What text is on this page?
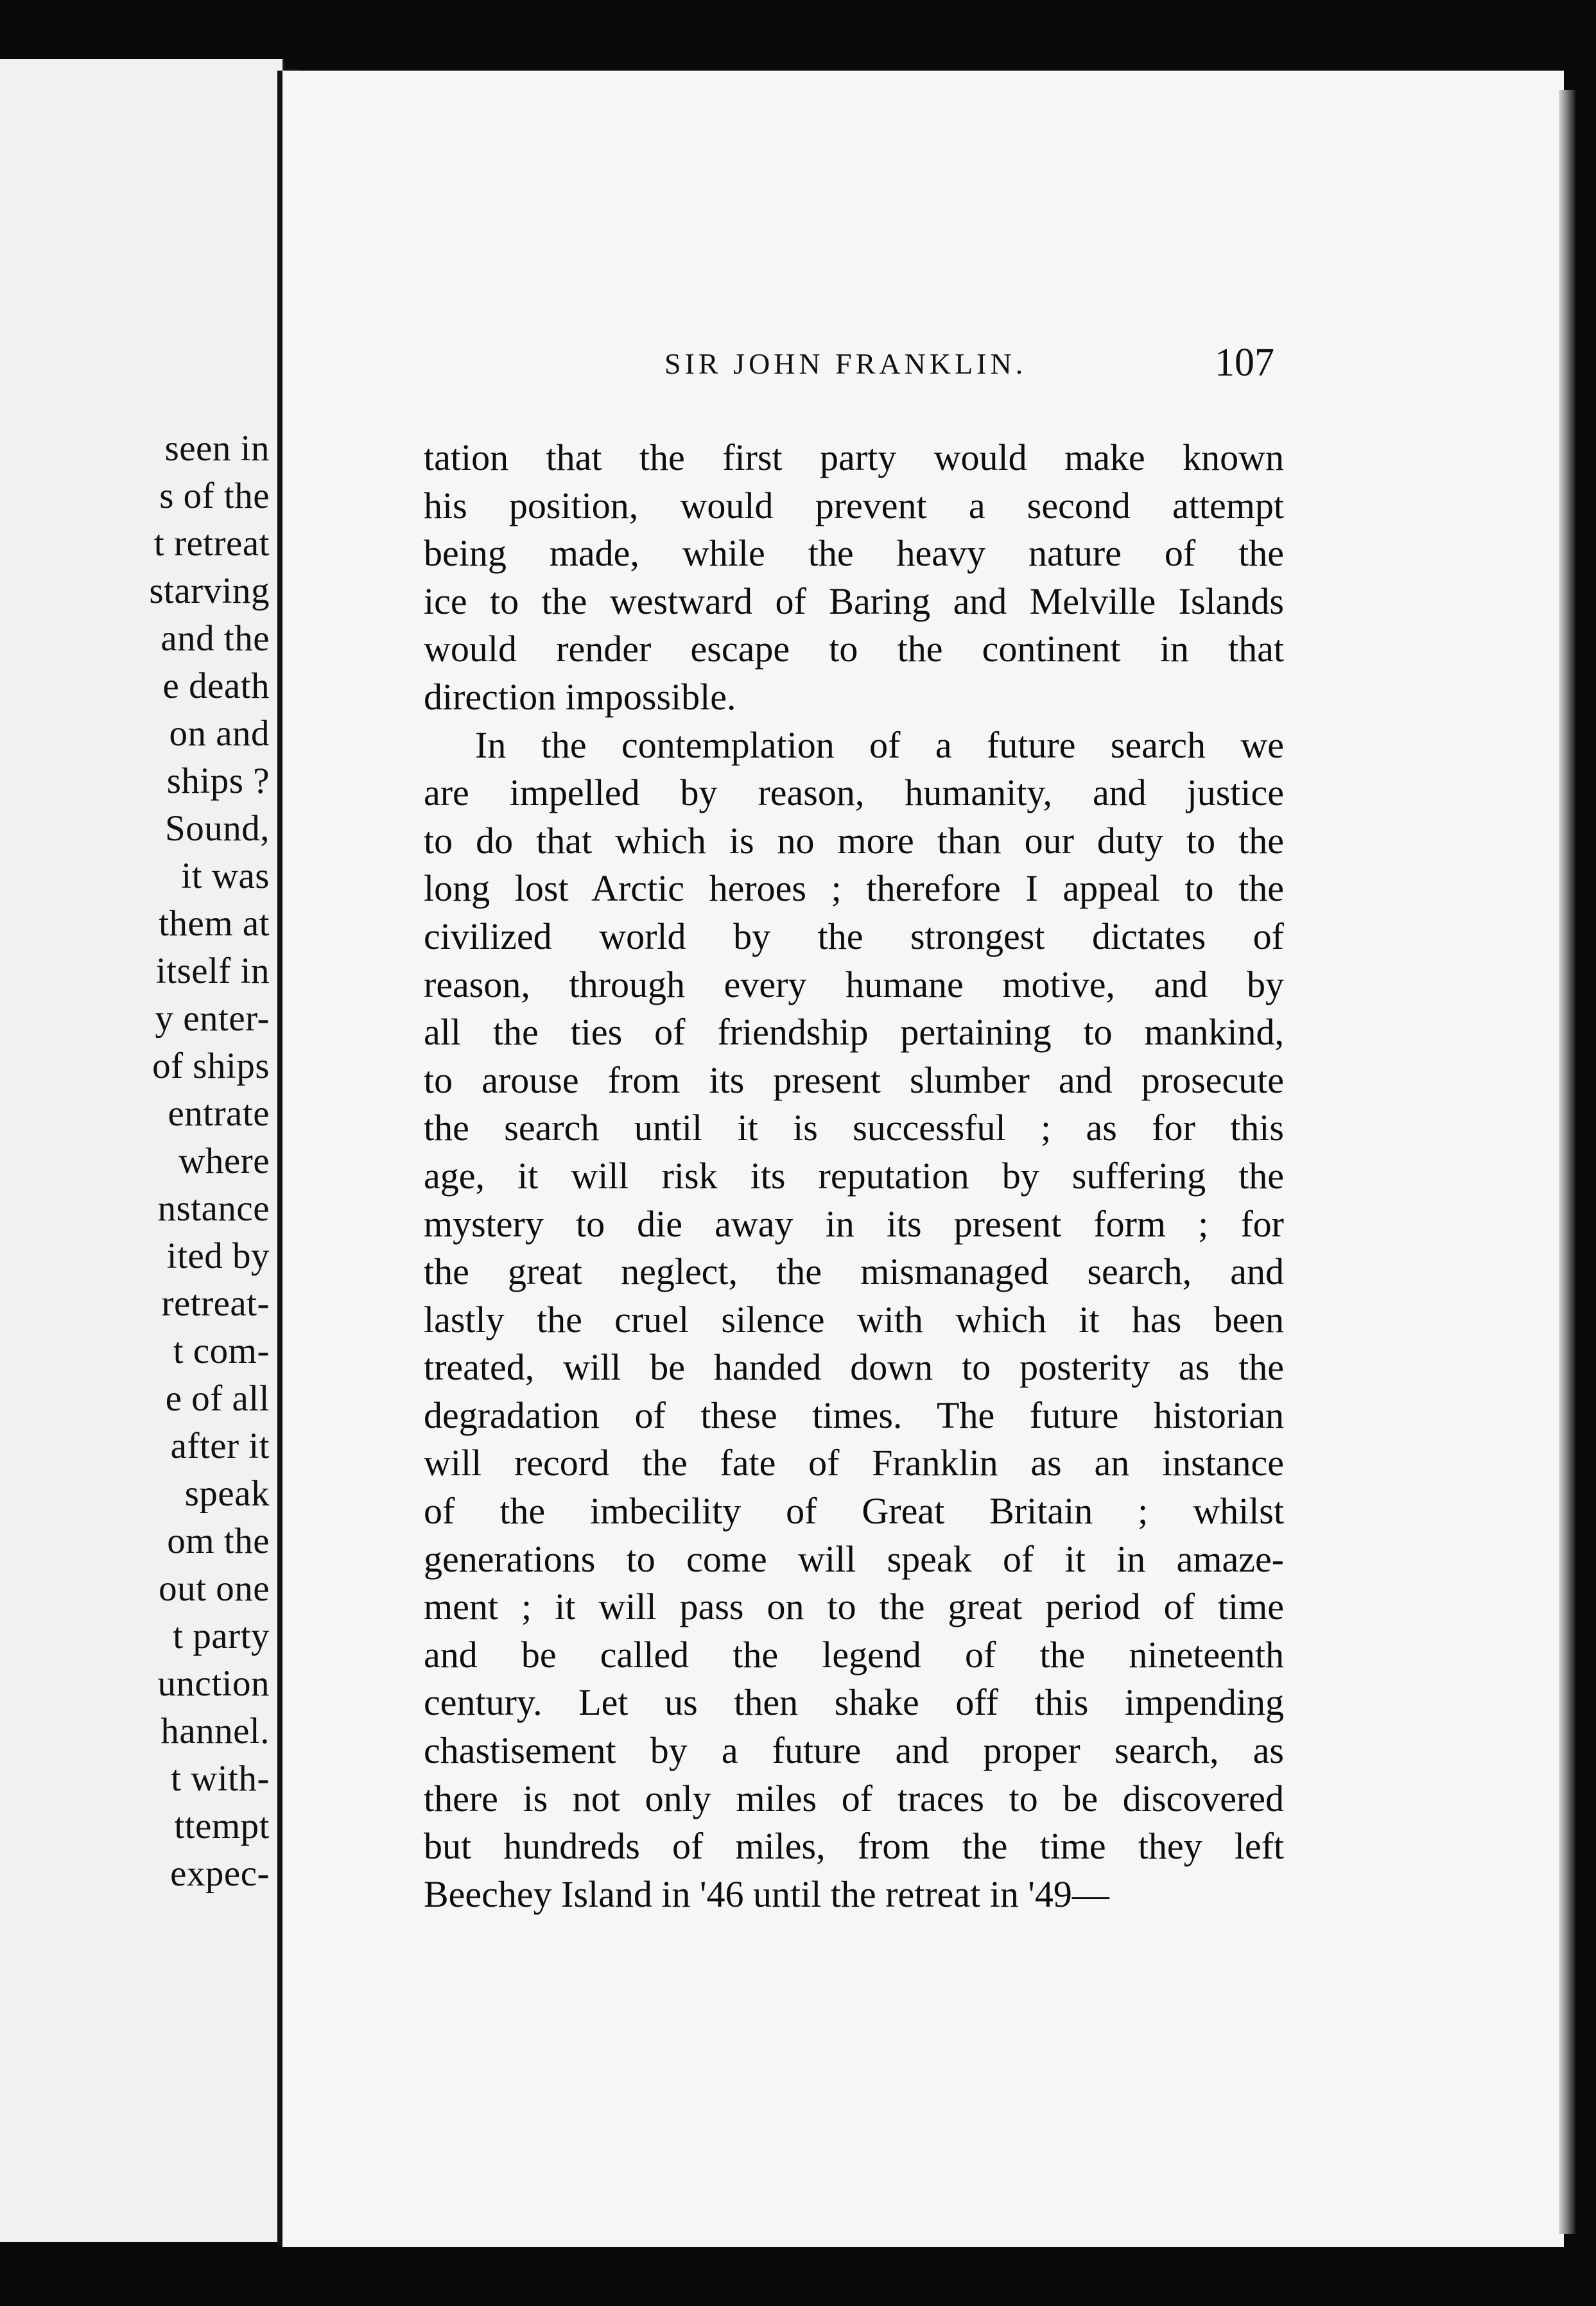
seen in
s of the
t retreat
starving
and the
e death
on and
ships ?
Sound,
it was
them at
itself in
y enter-
of ships
entrate
where
nstance
ited by
retreat-
t com-
e of all
after it
speak
om the
out one
t party
unction
hannel.
t with-
ttempt
expec-
SIR JOHN FRANKLIN.	107
tation that the first party would make known
his position, would prevent a second attempt
being made, while the heavy nature of the
ice to the westward of Baring and Melville Islands
would render escape to the continent in that
direction impossible.
In the contemplation of a future search we
are impelled by reason, humanity, and justice
to do that which is no more than our duty to the
long lost Arctic heroes ; therefore I appeal to the
civilized world by the strongest dictates of
reason, through every humane motive, and by
all the ties of friendship pertaining to mankind,
to arouse from its present slumber and prosecute
the search until it is successful ; as for this
age, it will risk its reputation by suffering the
mystery to die away in its present form ; for
the great neglect, the mismanaged search, and
lastly the cruel silence with which it has been
treated, will be handed down to posterity as the
degradation of these times. The future historian
will record the fate of Franklin as an instance
of the imbecility of Great Britain ; whilst
generations to come will speak of it in amaze-
ment ; it will pass on to the great period of time
and be called the legend of the nineteenth
century. Let us then shake off this impending
chastisement by a future and proper search, as
there is not only miles of traces to be discovered
but hundreds of miles, from the time they left
Beechey Island in '46 until the retreat in '49—
